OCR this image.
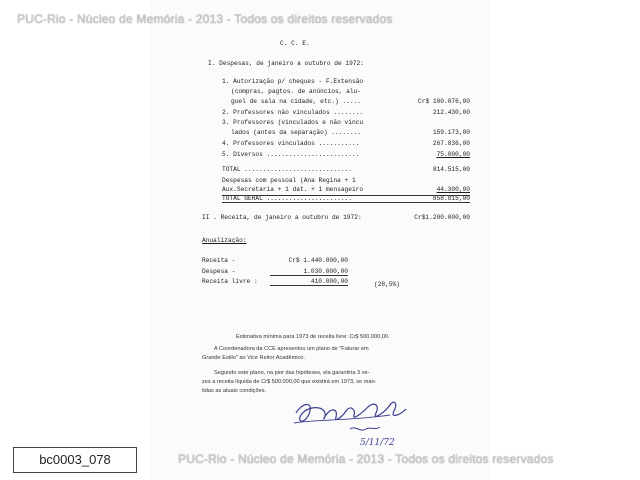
C. C. E.
I. Despesas, de janeiro a outubro de 1972:
1. Autorização p/ cheques - F.Extensão
(compras, pagtos. de anúncios, alu-
guel de sala na cidade, etc.) .....	Cr$ 100.076,00
2. Professores não vinculados ........	212.430,00
3. Professores (vinculados e não vincu
lados (antes da separação) ........	159.173,00
4. Professores vinculados ...........	267.836,00
5. Diversos .........................	75.000,00
TOTAL .............................	814.515,00
Despesas com pessoal (Ana Regina + 1
Aux.Secretaria + 1 dat. + 1 mensageiro	44.300,00
TOTAL GERAL .......................	858.815,00
II . Receita, de janeiro a outubro de 1972:	Cr$1.200.000,00
Anualização:
Receita -	Cr$ 1.440.000,00
Despesa -	1.030.000,00
Receita livre :	410.000,00	(28,5%)
Estimativa mínima para 1973 de receita livre: Cr$ 500.000,00.
A Coordenadora da CCE apresentou um plano de "Faturar em
Grande Estilo" ao Vice Reitor Acadêmico.
Segundo este plano, na pior das hipóteses, ela garantiria 3 ve-
zes a receita líquida de Cr$ 500.000,00 que existirá em 1973, se man-
tidas as atuais condições.
5/11/72
PUC-Rio - Núcleo de Memória - 2013 - Todos os direitos reservados
PUC-Rio - Núcleo de Memória - 2013 - Todos os direitos reservados
bc0003_078
